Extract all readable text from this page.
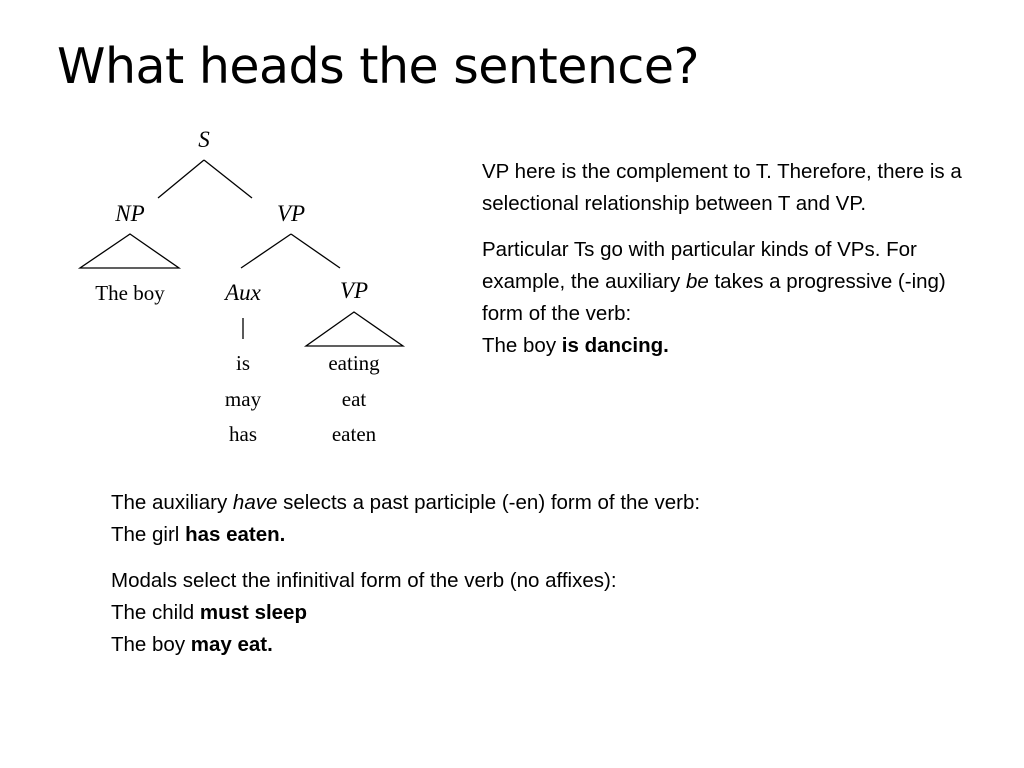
What heads the sentence?
S
NP
The boy
VP
Aux
is
may
has
VP
eating
eat
eaten

VP here is the complement to T. Therefore, there is a selectional relationship between T and VP.

Particular Ts go with particular kinds of VPs. For example, the auxiliary be takes a progressive (-ing) form of the verb:
The boy is dancing.

The auxiliary have selects a past participle (-en) form of the verb:
The girl has eaten.

Modals select the infinitival form of the verb (no affixes):
The child must sleep
The boy may eat.
